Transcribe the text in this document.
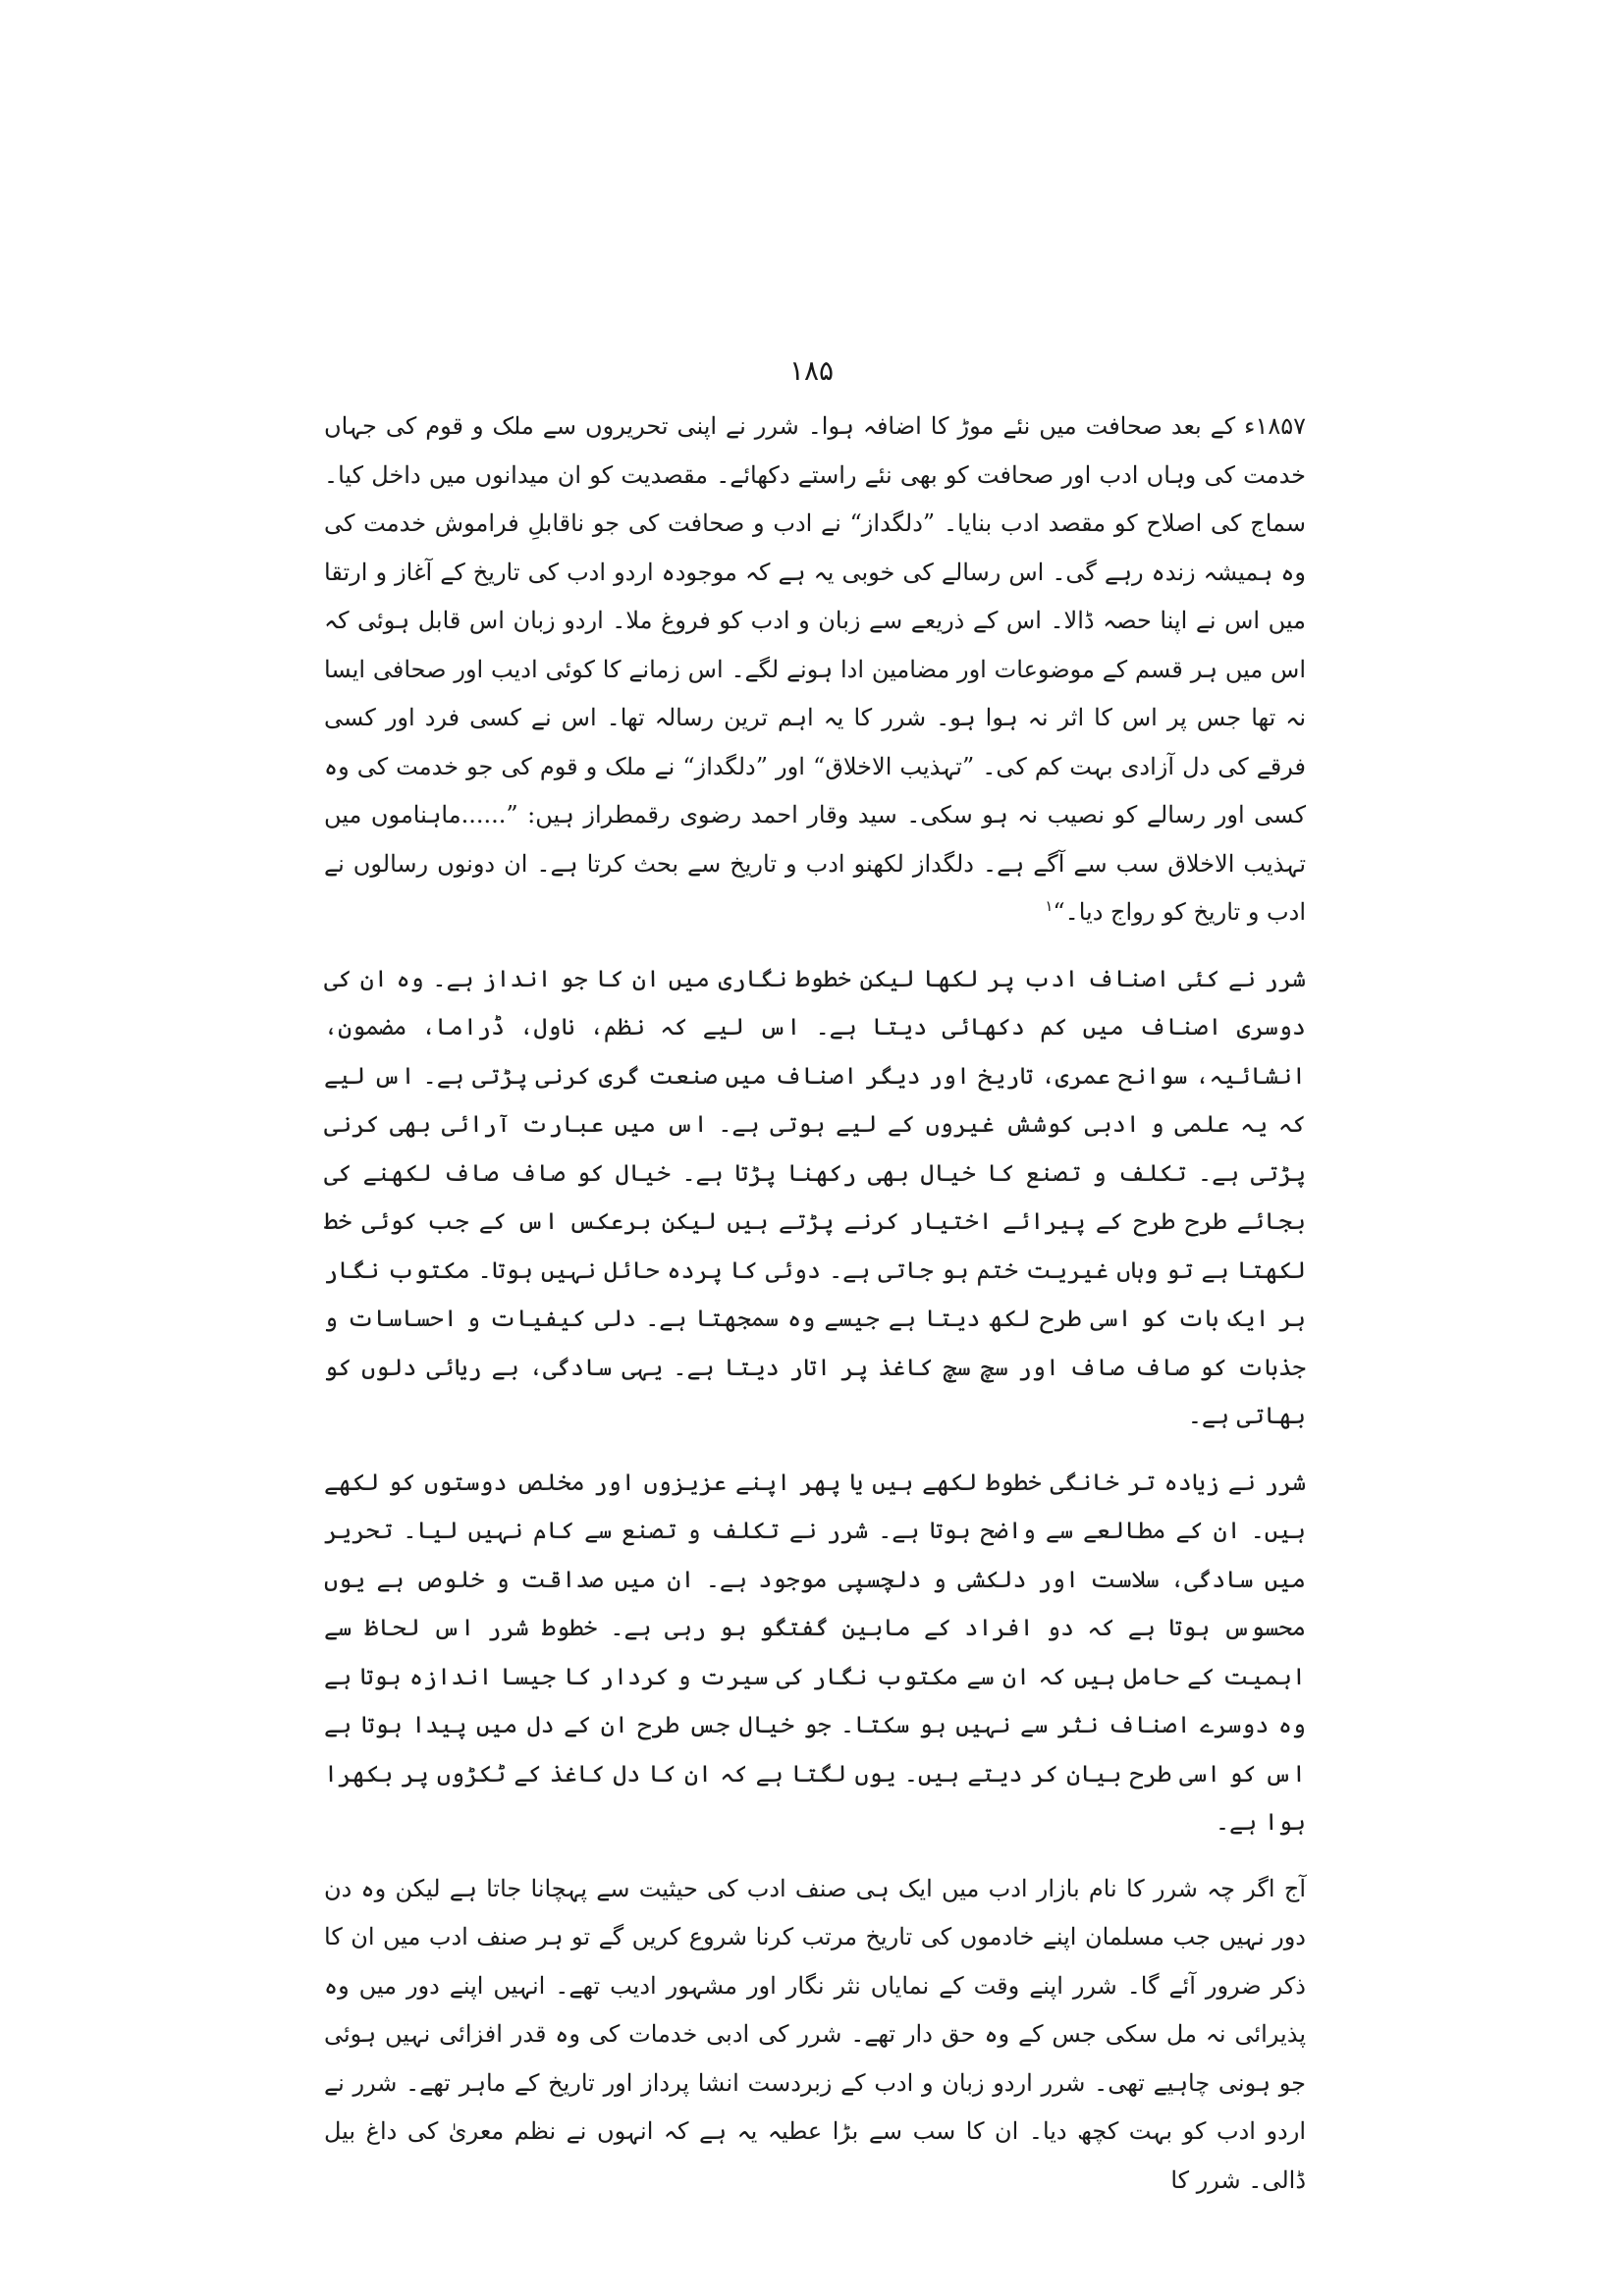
۱۸۵

۱۸۵۷ء کے بعد صحافت میں نئے موڑ کا اضافہ ہوا۔ شرر نے اپنی تحریروں سے ملک و قوم کی جہاں خدمت کی وہاں ادب اور صحافت کو بھی نئے راستے دکھائے۔ مقصدیت کو ان میدانوں میں داخل کیا۔ سماج کی اصلاح کو مقصد ادب بنایا۔ ”دلگداز“ نے ادب و صحافت کی جو ناقابلِ فراموش خدمت کی وہ ہمیشہ زندہ رہے گی۔ اس رسالے کی خوبی یہ ہے کہ موجودہ اردو ادب کی تاریخ کے آغاز و ارتقا میں اس نے اپنا حصہ ڈالا۔ اس کے ذریعے سے زبان و ادب کو فروغ ملا۔ اردو زبان اس قابل ہوئی کہ اس میں ہر قسم کے موضوعات اور مضامین ادا ہونے لگے۔ اس زمانے کا کوئی ادیب اور صحافی ایسا نہ تھا جس پر اس کا اثر نہ ہوا ہو۔ شرر کا یہ اہم ترین رسالہ تھا۔ اس نے کسی فرد اور کسی فرقے کی دل آزادی بہت کم کی۔ ”تہذیب الاخلاق“ اور ”دلگداز“ نے ملک و قوم کی جو خدمت کی وہ کسی اور رسالے کو نصیب نہ ہو سکی۔ سید وقار احمد رضوی رقمطراز ہیں: ”......ماہناموں میں تہذیب الاخلاق سب سے آگے ہے۔ دلگداز لکھنو ادب و تاریخ سے بحث کرتا ہے۔ ان دونوں رسالوں نے ادب و تاریخ کو رواج دیا۔“$^۱$

شرر نے کئی اصناف ادب پر لکھا لیکن خطوط نگاری میں ان کا جو انداز ہے۔ وہ ان کی دوسری اصناف میں کم دکھائی دیتا ہے۔ اس لیے کہ نظم، ناول، ڈراما، مضمون، انشائیہ، سوانح عمری، تاریخ اور دیگر اصناف میں صنعت گری کرنی پڑتی ہے۔ اس لیے کہ یہ علمی و ادبی کوشش غیروں کے لیے ہوتی ہے۔ اس میں عبارت آرائی بھی کرنی پڑتی ہے۔ تکلف و تصنع کا خیال بھی رکھنا پڑتا ہے۔ خیال کو صاف صاف لکھنے کی بجائے طرح طرح کے پیرائے اختیار کرنے پڑتے ہیں لیکن برعکس اس کے جب کوئی خط لکھتا ہے تو وہاں غیریت ختم ہو جاتی ہے۔ دوئی کا پردہ حائل نہیں ہوتا۔ مکتوب نگار ہر ایک بات کو اسی طرح لکھ دیتا ہے جیسے وہ سمجھتا ہے۔ دلی کیفیات و احساسات و جذبات کو صاف صاف اور سچ سچ کاغذ پر اتار دیتا ہے۔ یہی سادگی، بے ریائی دلوں کو بھاتی ہے۔

شرر نے زیادہ تر خانگی خطوط لکھے ہیں یا پھر اپنے عزیزوں اور مخلص دوستوں کو لکھے ہیں۔ ان کے مطالعے سے واضح ہوتا ہے۔ شرر نے تکلف و تصنع سے کام نہیں لیا۔ تحریر میں سادگی، سلاست اور دلکشی و دلچسپی موجود ہے۔ ان میں صداقت و خلوص ہے یوں محسوس ہوتا ہے کہ دو افراد کے مابین گفتگو ہو رہی ہے۔ خطوط شرر اس لحاظ سے اہمیت کے حامل ہیں کہ ان سے مکتوب نگار کی سیرت و کردار کا جیسا اندازہ ہوتا ہے وہ دوسرے اصناف نثر سے نہیں ہو سکتا۔ جو خیال جس طرح ان کے دل میں پیدا ہوتا ہے اس کو اسی طرح بیان کر دیتے ہیں۔ یوں لگتا ہے کہ ان کا دل کاغذ کے ٹکڑوں پر بکھرا ہوا ہے۔

آج اگر چہ شرر کا نام بازار ادب میں ایک ہی صنف ادب کی حیثیت سے پہچانا جاتا ہے لیکن وہ دن دور نہیں جب مسلمان اپنے خادموں کی تاریخ مرتب کرنا شروع کریں گے تو ہر صنف ادب میں ان کا ذکر ضرور آئے گا۔ شرر اپنے وقت کے نمایاں نثر نگار اور مشہور ادیب تھے۔ انہیں اپنے دور میں وہ پذیرائی نہ مل سکی جس کے وہ حق دار تھے۔ شرر کی ادبی خدمات کی وہ قدر افزائی نہیں ہوئی جو ہونی چاہیے تھی۔ شرر اردو زبان و ادب کے زبردست انشا پرداز اور تاریخ کے ماہر تھے۔ شرر نے اردو ادب کو بہت کچھ دیا۔ ان کا سب سے بڑا عطیہ یہ ہے کہ انہوں نے نظم معریٰ کی داغ بیل ڈالی۔ شرر کا
